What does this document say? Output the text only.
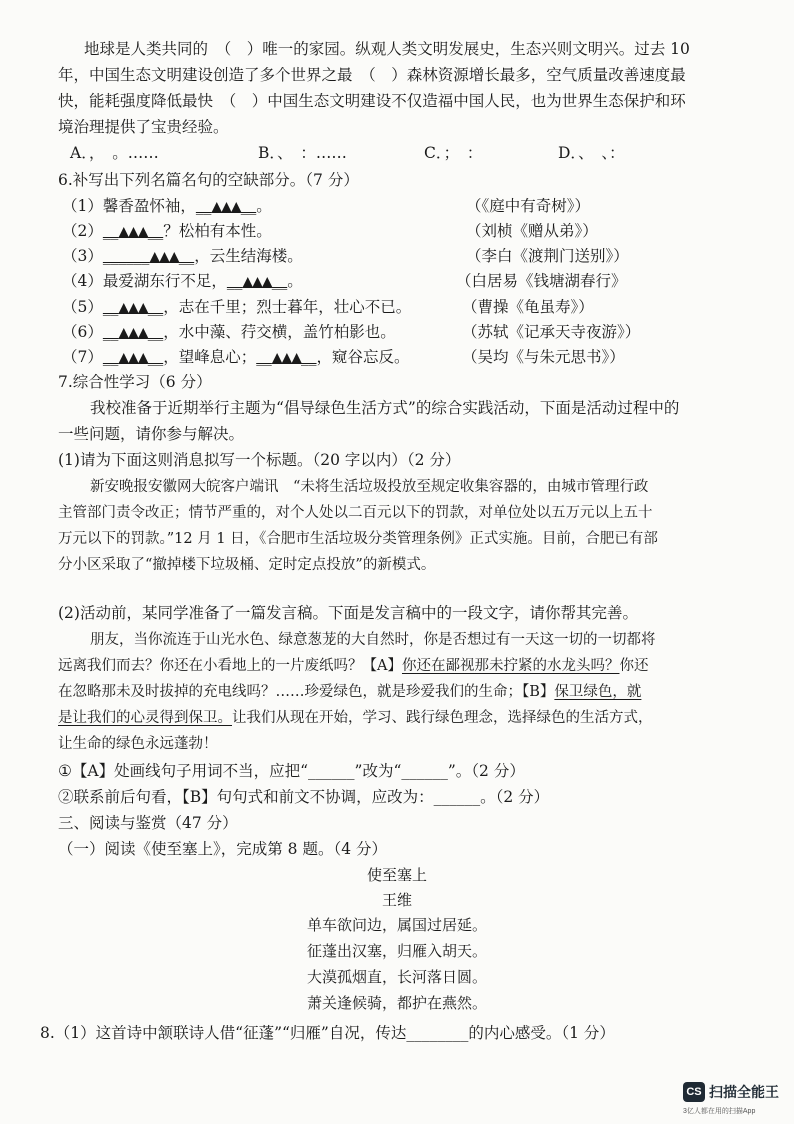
地球是人类共同的　（　）唯一的家园。纵观人类文明发展史，生态兴则文明兴。过去 10
年，中国生态文明建设创造了多个世界之最　（　）森林资源增长最多，空气质量改善速度最
快，能耗强度降低最快　（　）中国生态文明建设不仅造福中国人民，也为世界生态保护和环
境治理提供了宝贵经验。
A．，　。……	B．、　：……	C．；　：	D．、　、：
6.补写出下列名篇名句的空缺部分。（7 分）
（1）馨香盈怀袖，__▲▲▲__。	（《庭中有奇树》）
（2）__▲▲▲__？松柏有本性。	（刘桢《赠从弟》）
（3）______▲▲▲__，云生结海楼。	（李白《渡荆门送别》）
（4）最爱湖东行不足，__▲▲▲__。	（白居易《钱塘湖春行》
（5）__▲▲▲__，志在千里；烈士暮年，壮心不已。	（曹操《龟虽寿》）
（6）__▲▲▲__，水中藻、荇交横，盖竹柏影也。	（苏轼《记承天寺夜游》）
（7）__▲▲▲__，望峰息心；__▲▲▲__，窥谷忘反。	（吴均《与朱元思书》）
7.综合性学习（6 分）
我校准备于近期举行主题为“倡导绿色生活方式”的综合实践活动，下面是活动过程中的
一些问题，请你参与解决。
(1)请为下面这则消息拟写一个标题。（20 字以内）（2 分）
新安晚报安徽网大皖客户端讯　“未将生活垃圾投放至规定收集容器的，由城市管理行政
主管部门责令改正；情节严重的，对个人处以二百元以下的罚款，对单位处以五万元以上五十
万元以下的罚款。”12 月 1 日，《合肥市生活垃圾分类管理条例》正式实施。目前，合肥已有部
分小区采取了“撤掉楼下垃圾桶、定时定点投放”的新模式。
(2)活动前，某同学准备了一篇发言稿。下面是发言稿中的一段文字，请你帮其完善。
朋友，当你流连于山光水色、绿意葱茏的大自然时，你是否想过有一天这一切的一切都将
远离我们而去？你还在小看地上的一片废纸吗？【A】你还在鄙视那未拧紧的水龙头吗？你还
在忽略那未及时拔掉的充电线吗？……珍爱绿色，就是珍爱我们的生命；【B】保卫绿色，就
是让我们的心灵得到保卫。让我们从现在开始，学习、践行绿色理念，选择绿色的生活方式，
让生命的绿色永远蓬勃！
①【A】处画线句子用词不当，应把“______”改为“______”。（2 分）
②联系前后句看，【B】句句式和前文不协调，应改为：______。（2 分）
三、阅读与鉴赏（47 分）
（一）阅读《使至塞上》，完成第 8 题。（4 分）
使至塞上
王维
单车欲问边，属国过居延。
征蓬出汉塞，归雁入胡天。
大漠孤烟直，长河落日圆。
萧关逢候骑，都护在燕然。
8.（1）这首诗中颔联诗人借“征蓬”“归雁”自况，传达________的内心感受。（1 分）
CS 扫描全能王
3亿人都在用的扫描App
